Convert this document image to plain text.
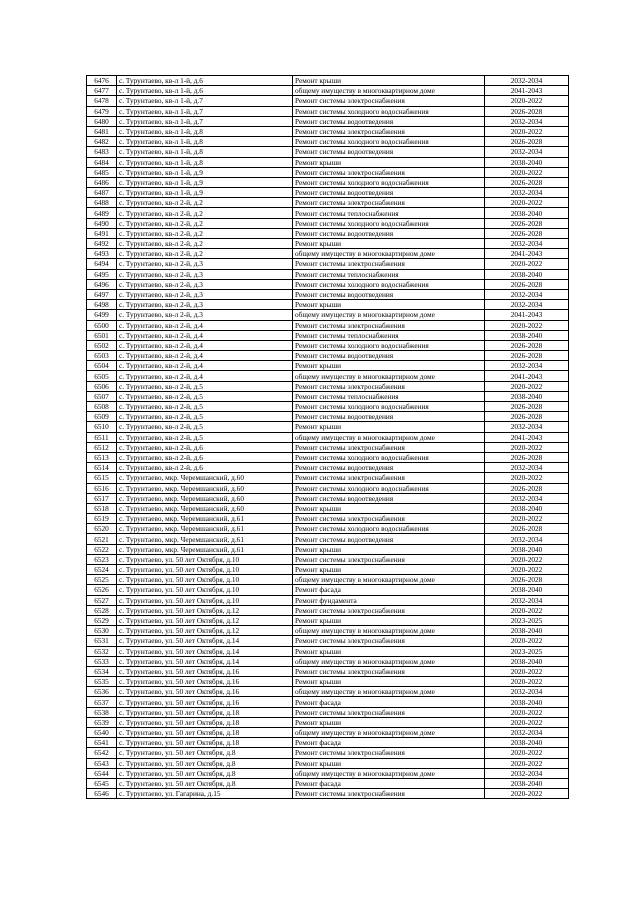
6476	с. Турунтаево, кв-л 1-й, д.6	Ремонт крыши	2032-2034
6477	с. Турунтаево, кв-л 1-й, д.6	общему имуществу в многоквартирном доме	2041-2043
6478	с. Турунтаево, кв-л 1-й, д.7	Ремонт системы электроснабжения	2020-2022
6479	с. Турунтаево, кв-л 1-й, д.7	Ремонт системы холодного водоснабжения	2026-2028
6480	с. Турунтаево, кв-л 1-й, д.7	Ремонт системы водоотведения	2032-2034
6481	с. Турунтаево, кв-л 1-й, д.8	Ремонт системы электроснабжения	2020-2022
6482	с. Турунтаево, кв-л 1-й, д.8	Ремонт системы холодного водоснабжения	2026-2028
6483	с. Турунтаево, кв-л 1-й, д.8	Ремонт системы водоотведения	2032-2034
6484	с. Турунтаево, кв-л 1-й, д.8	Ремонт крыши	2038-2040
6485	с. Турунтаево, кв-л 1-й, д.9	Ремонт системы электроснабжения	2020-2022
6486	с. Турунтаево, кв-л 1-й, д.9	Ремонт системы холодного водоснабжения	2026-2028
6487	с. Турунтаево, кв-л 1-й, д.9	Ремонт системы водоотведения	2032-2034
6488	с. Турунтаево, кв-л 2-й, д.2	Ремонт системы электроснабжения	2020-2022
6489	с. Турунтаево, кв-л 2-й, д.2	Ремонт системы теплоснабжения	2038-2040
6490	с. Турунтаево, кв-л 2-й, д.2	Ремонт системы холодного водоснабжения	2026-2028
6491	с. Турунтаево, кв-л 2-й, д.2	Ремонт системы водоотведения	2026-2028
6492	с. Турунтаево, кв-л 2-й, д.2	Ремонт крыши	2032-2034
6493	с. Турунтаево, кв-л 2-й, д.2	общему имуществу в многоквартирном доме	2041-2043
6494	с. Турунтаево, кв-л 2-й, д.3	Ремонт системы электроснабжения	2020-2022
6495	с. Турунтаево, кв-л 2-й, д.3	Ремонт системы теплоснабжения	2038-2040
6496	с. Турунтаево, кв-л 2-й, д.3	Ремонт системы холодного водоснабжения	2026-2028
6497	с. Турунтаево, кв-л 2-й, д.3	Ремонт системы водоотведения	2032-2034
6498	с. Турунтаево, кв-л 2-й, д.3	Ремонт крыши	2032-2034
6499	с. Турунтаево, кв-л 2-й, д.3	общему имуществу в многоквартирном доме	2041-2043
6500	с. Турунтаево, кв-л 2-й, д.4	Ремонт системы электроснабжения	2020-2022
6501	с. Турунтаево, кв-л 2-й, д.4	Ремонт системы теплоснабжения	2038-2040
6502	с. Турунтаево, кв-л 2-й, д.4	Ремонт системы холодного водоснабжения	2026-2028
6503	с. Турунтаево, кв-л 2-й, д.4	Ремонт системы водоотведения	2026-2028
6504	с. Турунтаево, кв-л 2-й, д.4	Ремонт крыши	2032-2034
6505	с. Турунтаево, кв-л 2-й, д.4	общему имуществу в многоквартирном доме	2041-2043
6506	с. Турунтаево, кв-л 2-й, д.5	Ремонт системы электроснабжения	2020-2022
6507	с. Турунтаево, кв-л 2-й, д.5	Ремонт системы теплоснабжения	2038-2040
6508	с. Турунтаево, кв-л 2-й, д.5	Ремонт системы холодного водоснабжения	2026-2028
6509	с. Турунтаево, кв-л 2-й, д.5	Ремонт системы водоотведения	2026-2028
6510	с. Турунтаево, кв-л 2-й, д.5	Ремонт крыши	2032-2034
6511	с. Турунтаево, кв-л 2-й, д.5	общему имуществу в многоквартирном доме	2041-2043
6512	с. Турунтаево, кв-л 2-й, д.6	Ремонт системы электроснабжения	2020-2022
6513	с. Турунтаево, кв-л 2-й, д.6	Ремонт системы холодного водоснабжения	2026-2028
6514	с. Турунтаево, кв-л 2-й, д.6	Ремонт системы водоотведения	2032-2034
6515	с. Турунтаево, мкр. Черемшанский, д.60	Ремонт системы электроснабжения	2020-2022
6516	с. Турунтаево, мкр. Черемшанский, д.60	Ремонт системы холодного водоснабжения	2026-2028
6517	с. Турунтаево, мкр. Черемшанский, д.60	Ремонт системы водоотведения	2032-2034
6518	с. Турунтаево, мкр. Черемшанский, д.60	Ремонт крыши	2038-2040
6519	с. Турунтаево, мкр. Черемшанский, д.61	Ремонт системы электроснабжения	2020-2022
6520	с. Турунтаево, мкр. Черемшанский, д.61	Ремонт системы холодного водоснабжения	2026-2028
6521	с. Турунтаево, мкр. Черемшанский, д.61	Ремонт системы водоотведения	2032-2034
6522	с. Турунтаево, мкр. Черемшанский, д.61	Ремонт крыши	2038-2040
6523	с. Турунтаево, ул. 50 лет Октября, д.10	Ремонт системы электроснабжения	2020-2022
6524	с. Турунтаево, ул. 50 лет Октября, д.10	Ремонт крыши	2020-2022
6525	с. Турунтаево, ул. 50 лет Октября, д.10	общему имуществу в многоквартирном доме	2026-2028
6526	с. Турунтаево, ул. 50 лет Октября, д.10	Ремонт фасада	2038-2040
6527	с. Турунтаево, ул. 50 лет Октября, д.10	Ремонт фундамента	2032-2034
6528	с. Турунтаево, ул. 50 лет Октября, д.12	Ремонт системы электроснабжения	2020-2022
6529	с. Турунтаево, ул. 50 лет Октября, д.12	Ремонт крыши	2023-2025
6530	с. Турунтаево, ул. 50 лет Октября, д.12	общему имуществу в многоквартирном доме	2038-2040
6531	с. Турунтаево, ул. 50 лет Октября, д.14	Ремонт системы электроснабжения	2020-2022
6532	с. Турунтаево, ул. 50 лет Октября, д.14	Ремонт крыши	2023-2025
6533	с. Турунтаево, ул. 50 лет Октября, д.14	общему имуществу в многоквартирном доме	2038-2040
6534	с. Турунтаево, ул. 50 лет Октября, д.16	Ремонт системы электроснабжения	2020-2022
6535	с. Турунтаево, ул. 50 лет Октября, д.16	Ремонт крыши	2020-2022
6536	с. Турунтаево, ул. 50 лет Октября, д.16	общему имуществу в многоквартирном доме	2032-2034
6537	с. Турунтаево, ул. 50 лет Октября, д.16	Ремонт фасада	2038-2040
6538	с. Турунтаево, ул. 50 лет Октября, д.18	Ремонт системы электроснабжения	2020-2022
6539	с. Турунтаево, ул. 50 лет Октября, д.18	Ремонт крыши	2020-2022
6540	с. Турунтаево, ул. 50 лет Октября, д.18	общему имуществу в многоквартирном доме	2032-2034
6541	с. Турунтаево, ул. 50 лет Октября, д.18	Ремонт фасада	2038-2040
6542	с. Турунтаево, ул. 50 лет Октября, д.8	Ремонт системы электроснабжения	2020-2022
6543	с. Турунтаево, ул. 50 лет Октября, д.8	Ремонт крыши	2020-2022
6544	с. Турунтаево, ул. 50 лет Октября, д.8	общему имуществу в многоквартирном доме	2032-2034
6545	с. Турунтаево, ул. 50 лет Октября, д.8	Ремонт фасада	2038-2040
6546	с. Турунтаево, ул. Гагарина, д.15	Ремонт системы электроснабжения	2020-2022
